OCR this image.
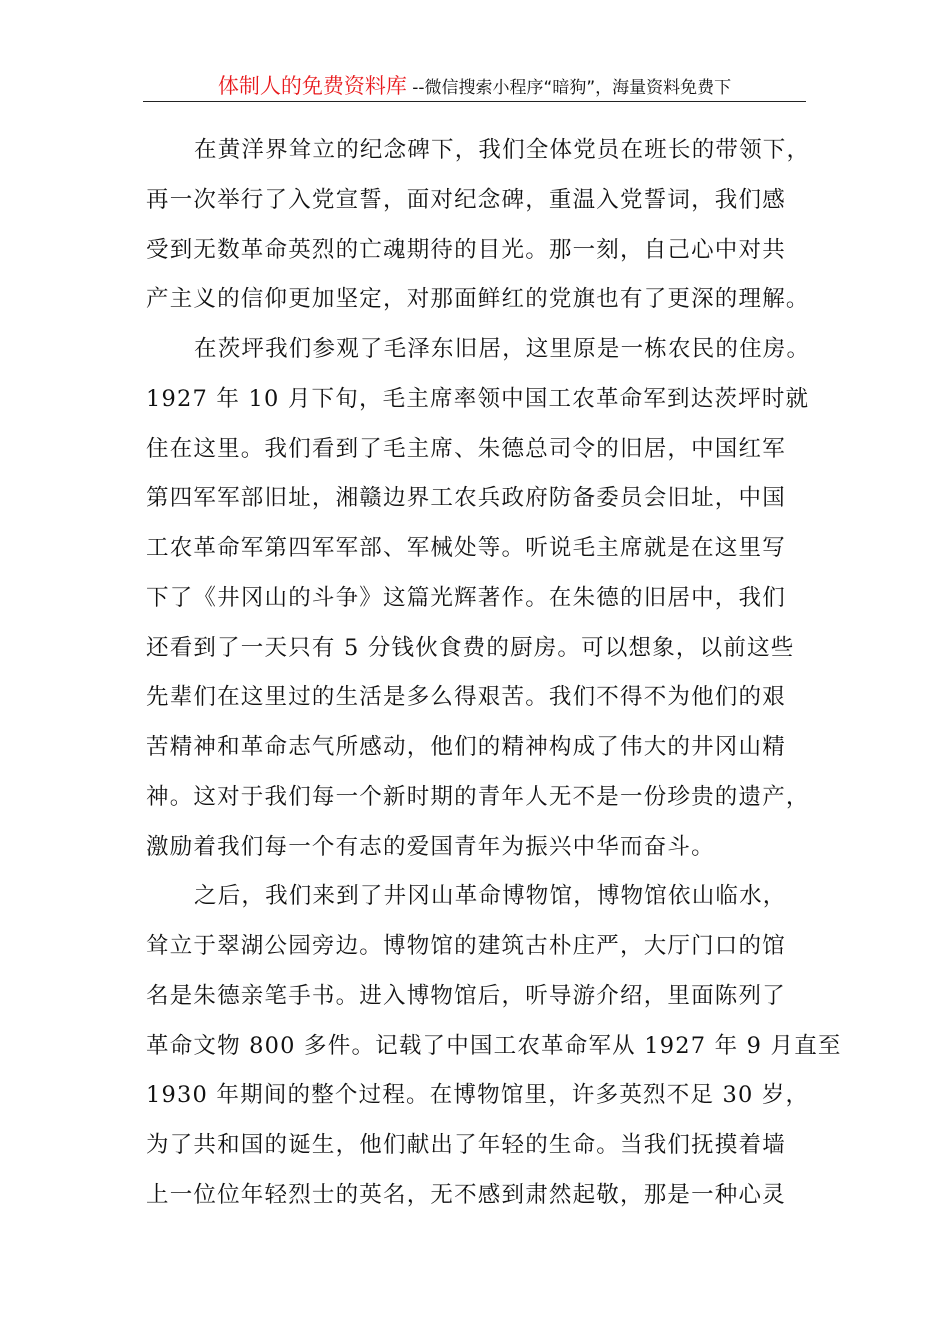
体制人的免费资料库 --微信搜索小程序“暗狗”，海量资料免费下
在黄洋界耸立的纪念碑下，我们全体党员在班长的带领下，
再一次举行了入党宣誓，面对纪念碑，重温入党誓词，我们感
受到无数革命英烈的亡魂期待的目光。那一刻，自己心中对共
产主义的信仰更加坚定，对那面鲜红的党旗也有了更深的理解。
在茨坪我们参观了毛泽东旧居，这里原是一栋农民的住房。
1927 年 10 月下旬，毛主席率领中国工农革命军到达茨坪时就
住在这里。我们看到了毛主席、朱德总司令的旧居，中国红军
第四军军部旧址，湘赣边界工农兵政府防备委员会旧址，中国
工农革命军第四军军部、军械处等。听说毛主席就是在这里写
下了《井冈山的斗争》这篇光辉著作。在朱德的旧居中，我们
还看到了一天只有 5 分钱伙食费的厨房。可以想象，以前这些
先辈们在这里过的生活是多么得艰苦。我们不得不为他们的艰
苦精神和革命志气所感动，他们的精神构成了伟大的井冈山精
神。这对于我们每一个新时期的青年人无不是一份珍贵的遗产，
激励着我们每一个有志的爱国青年为振兴中华而奋斗。
之后，我们来到了井冈山革命博物馆，博物馆依山临水，
耸立于翠湖公园旁边。博物馆的建筑古朴庄严，大厅门口的馆
名是朱德亲笔手书。进入博物馆后，听导游介绍，里面陈列了
革命文物 800 多件。记载了中国工农革命军从 1927 年 9 月直至
1930 年期间的整个过程。在博物馆里，许多英烈不足 30 岁，
为了共和国的诞生，他们献出了年轻的生命。当我们抚摸着墙
上一位位年轻烈士的英名，无不感到肃然起敬，那是一种心灵
